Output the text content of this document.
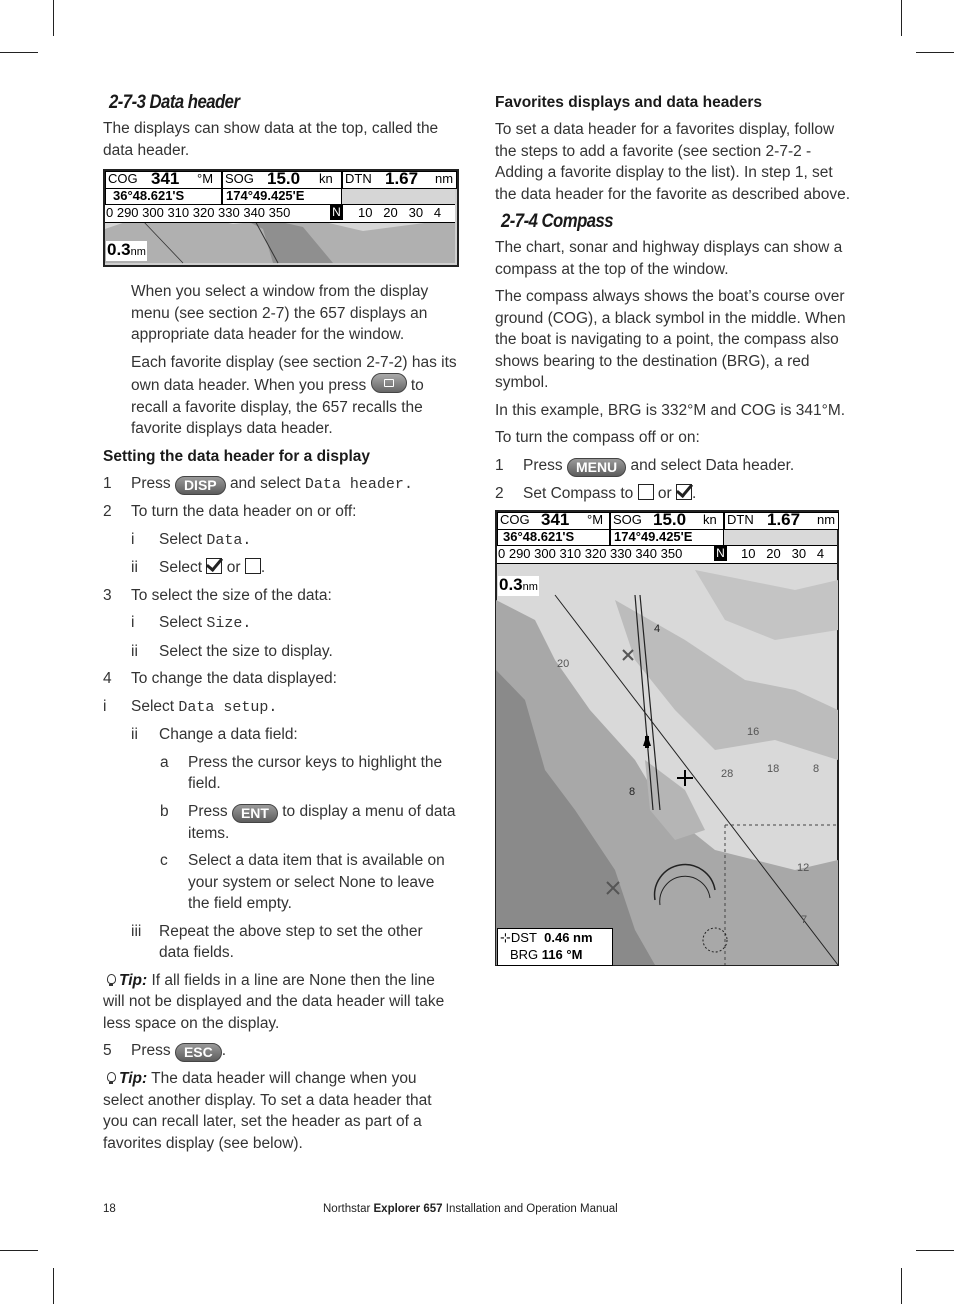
2-7-3 Data header

The displays can show data at the top, called the data header.

COG 341 °M SOG 15.0 kn DTN 1.67 nm
36°48.621'S	174°49.425'E
0 290 300 310 320 330 340 350	N 10   20   30   4
0.3nm

When you select a window from the display menu (see section 2-7) the 657 displays an appropriate data header for the window.

Each favorite display (see section 2-7-2) has its own data header. When you press	to recall a favorite display, the 657 recalls the favorite displays data header.

Setting the data header for a display
1	Press DISP and select Data header.
2	To turn the data header on or off:
i	Select Data.
ii	Select or .
3	To select the size of the data:
i	Select Size.
ii	Select the size to display.
4	To change the data displayed:
i	Select Data setup.
ii	Change a data field:
a	Press the cursor keys to highlight the field.
b	Press ENT to display a menu of data items.
c	Select a data item that is available on your system or select None to leave the field empty.
iii	Repeat the above step to set the other data fields.

Tip: If all fields in a line are None then the line will not be displayed and the data header will take less space on the display.

5	Press ESC .

Tip: The data header will change when you select another display. To set a data header that you can recall later, set the header as part of a favorites display (see below).

Favorites displays and data headers

To set a data header for a favorites display, follow the steps to add a favorite (see section 2-7-2 - Adding a favorite display to the list). In step 1, set the data header for the favorite as described above.

2-7-4 Compass

The chart, sonar and highway displays can show a compass at the top of the window.

The compass always shows the boat’s course over ground (COG), a black symbol in the middle. When the boat is navigating to a point, the compass also shows bearing to the destination (BRG), a red symbol.

In this example, BRG is 332°M and COG is 341°M.

To turn the compass off or on:

1	Press MENU and select Data header.
2	Set Compass to or .
4
20
16
28	18	8
8
12
7
COG 341 °M SOG 15.0 kn DTN 1.67 nm
36°48.621'S	174°49.425'E
0 290 300 310 320 330 340 350	N 10   20   30   4
0.3nm
⊹DST 0.46 nm
BRG 116 °M
18	Northstar Explorer 657 Installation and Operation Manual
